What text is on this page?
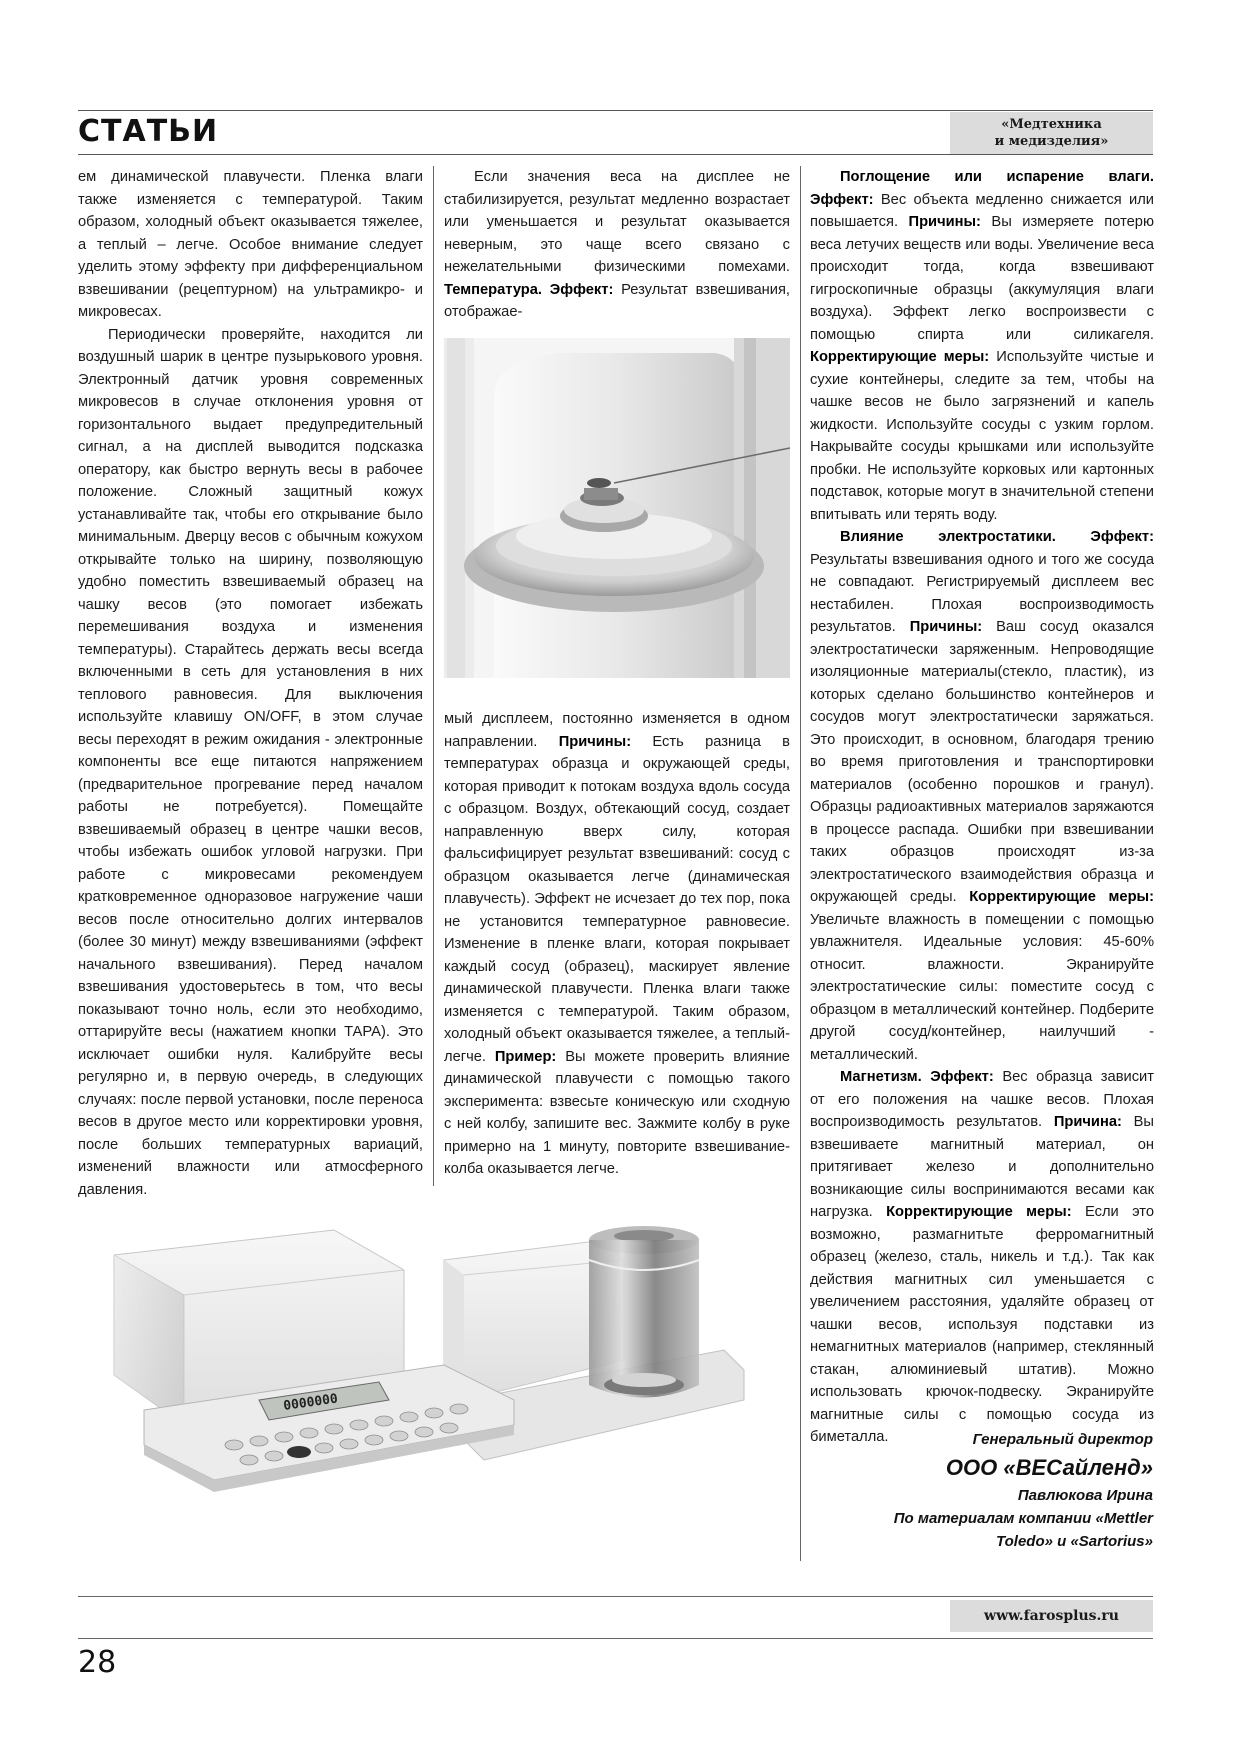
СТАТЬИ	«Медтехника
и медизделия»

ем динамической плавучести. Пленка влаги также изменяется с температурой. Таким образом, холодный объект оказывается тяжелее, а теплый – легче. Особое внимание следует уделить этому эффекту при дифференциальном взвешивании (рецептурном) на ультрамикро- и микровесах.

Периодически проверяйте, находится ли воздушный шарик в центре пузырькового уровня. Электронный датчик уровня современных микровесов в случае отклонения уровня от горизонтального выдает предупредительный сигнал, а на дисплей выводится подсказка оператору, как быстро вернуть весы в рабочее положение. Сложный защитный кожух устанавливайте так, чтобы его открывание было минимальным. Дверцу весов с обычным кожухом открывайте только на ширину, позволяющую удобно поместить взвешиваемый образец на чашку весов (это помогает избежать перемешивания воздуха и изменения температуры). Старайтесь держать весы всегда включенными в сеть для установления в них теплового равновесия. Для выключения используйте клавишу ON/OFF, в этом случае весы переходят в режим ожидания - электронные компоненты все еще питаются напряжением (предварительное прогревание перед началом работы не потребуется). Помещайте взвешиваемый образец в центре чашки весов, чтобы избежать ошибок угловой нагрузки. При работе с микровесами рекомендуем кратковременное одноразовое нагружение чаши весов после относительно долгих интервалов (более 30 минут) между взвешиваниями (эффект начального взвешивания). Перед началом взвешивания удостоверьтесь в том, что весы показывают точно ноль, если это необходимо, оттарируйте весы (нажатием кнопки ТАРА). Это исключает ошибки нуля. Калибруйте весы регулярно и, в первую очередь, в следующих случаях: после первой установки, после переноса весов в другое место или корректировки уровня, после больших температурных вариаций, изменений влажности или атмосферного давления.

Если значения веса на дисплее не стабилизируется, результат медленно возрастает или уменьшается и результат оказывается неверным, это чаще всего связано с нежелательными физическими помехами. Температура. Эффект: Результат взвешивания, отображае-

мый дисплеем, постоянно изменяется в одном направлении. Причины: Есть разница в температурах образца и окружающей среды, которая приводит к потокам воздуха вдоль сосуда с образцом. Воздух, обтекающий сосуд, создает направленную вверх силу, которая фальсифицирует результат взвешиваний: сосуд с образцом оказывается легче (динамическая плавучесть). Эффект не исчезает до тех пор, пока не установится температурное равновесие. Изменение в пленке влаги, которая покрывает каждый сосуд (образец), маскирует явление динамической плавучести. Пленка влаги также изменяется с температурой. Таким образом, холодный объект оказывается тяжелее, а теплый- легче. Пример: Вы можете проверить влияние динамической плавучести с помощью такого эксперимента: взвесьте коническую или сходную с ней колбу, запишите вес. Зажмите колбу в руке примерно на 1 минуту, повторите взвешивание- колба оказывается легче.

Поглощение или испарение влаги. Эффект: Вес объекта медленно снижается или повышается. Причины: Вы измеряете потерю веса летучих веществ или воды. Увеличение веса происходит тогда, когда взвешивают гигроскопичные образцы (аккумуляция влаги воздуха). Эффект легко воспроизвести с помощью спирта или силикагеля. Корректирующие меры: Используйте чистые и сухие контейнеры, следите за тем, чтобы на чашке весов не было загрязнений и капель жидкости. Используйте сосуды с узким горлом. Накрывайте сосуды крышками или используйте пробки. Не используйте корковых или картонных подставок, которые могут в значительной степени впитывать или терять воду.

Влияние электростатики. Эффект: Результаты взвешивания одного и того же сосуда не совпадают. Регистрируемый дисплеем вес нестабилен. Плохая воспроизводимость результатов. Причины: Ваш сосуд оказался электростатически заряженным. Непроводящие изоляционные материалы(стекло, пластик), из которых сделано большинство контейнеров и сосудов могут электростатически заряжаться. Это происходит, в основном, благодаря трению во время приготовления и транспортировки материалов (особенно порошков и гранул). Образцы радиоактивных материалов заряжаются в процессе распада. Ошибки при взвешивании таких образцов происходят из-за электростатического взаимодействия образца и окружающей среды. Корректирующие меры: Увеличьте влажность в помещении с помощью увлажнителя. Идеальные условия: 45-60% относит. влажности. Экранируйте электростатические силы: поместите сосуд с образцом в металлический контейнер. Подберите другой сосуд/контейнер, наилучший - металлический.

Магнетизм. Эффект: Вес образца зависит от его положения на чашке весов. Плохая воспроизводимость результатов. Причина: Вы взвешиваете магнитный материал, он притягивает железо и дополнительно возникающие силы воспринимаются весами как нагрузка. Корректирующие меры: Если это возможно, размагнитьте ферромагнитный образец (железо, сталь, никель и т.д.). Так как действия магнитных сил уменьшается с увеличением расстояния, удаляйте образец от чашки весов, используя подставки из немагнитных материалов (например, стеклянный стакан, алюминиевый штатив). Можно использовать крючок-подвеску. Экранируйте магнитные силы с помощью сосуда из биметалла.

0000000
Генеральный директор
ООО «ВЕСайленд»
Павлюкова Ирина
По материалам компании «Mettler
Toledo» и «Sartorius»
www.farosplus.ru
28
